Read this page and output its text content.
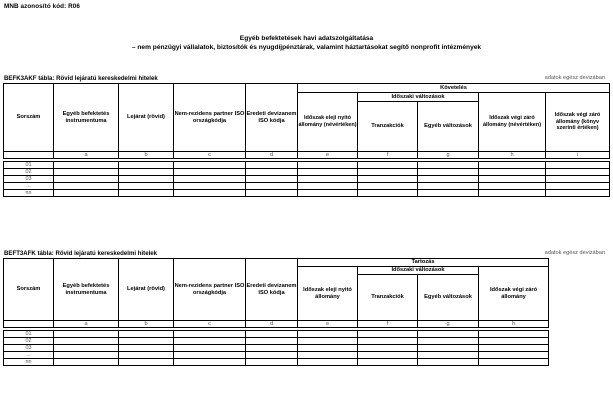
MNB azonosító kód: R06
Egyéb befektetések havi adatszolgáltatása
– nem pénzügyi vállalatok, biztosítók és nyugdíjpénztárak, valamint háztartásokat segítő nonprofit intézmények
BEFK3AKF tábla: Rövid lejáratú kereskedelmi hitelek	adatok egész devizában
Sorszám	Egyéb befektetés instrumentuma	Lejárat (rövid)	Nem-rezidens partner ISO országkódja	Eredeti devizanem ISO kódja	Követelés				
					Időszak eleji nyitó állomány (névértéken)	Időszaki változások		Időszak végi záró állomány (névértéken)	Időszak végi záró állomány (könyv szerinti értéken)
						Tranzakciók	Egyéb változások		
	a	b	c	d	e	f	g	h	i

01									
02									
03									
...									
nn									
BEFT3AFK tábla: Rövid lejáratú kereskedelmi hitelek	adatok egész devizában
Sorszám	Egyéb befektetés instrumentuma	Lejárat (rövid)	Nem-rezidens partner ISO országkódja	Eredeti devizanem ISO kódja	Tartozás			
					Időszak eleji nyitó állomány	Időszaki változások		Időszak végi záró állomány
						Tranzakciók	Egyéb változások	
	a	b	c	d	e	f	g	h

01								
02								
03								
...								
nn								
